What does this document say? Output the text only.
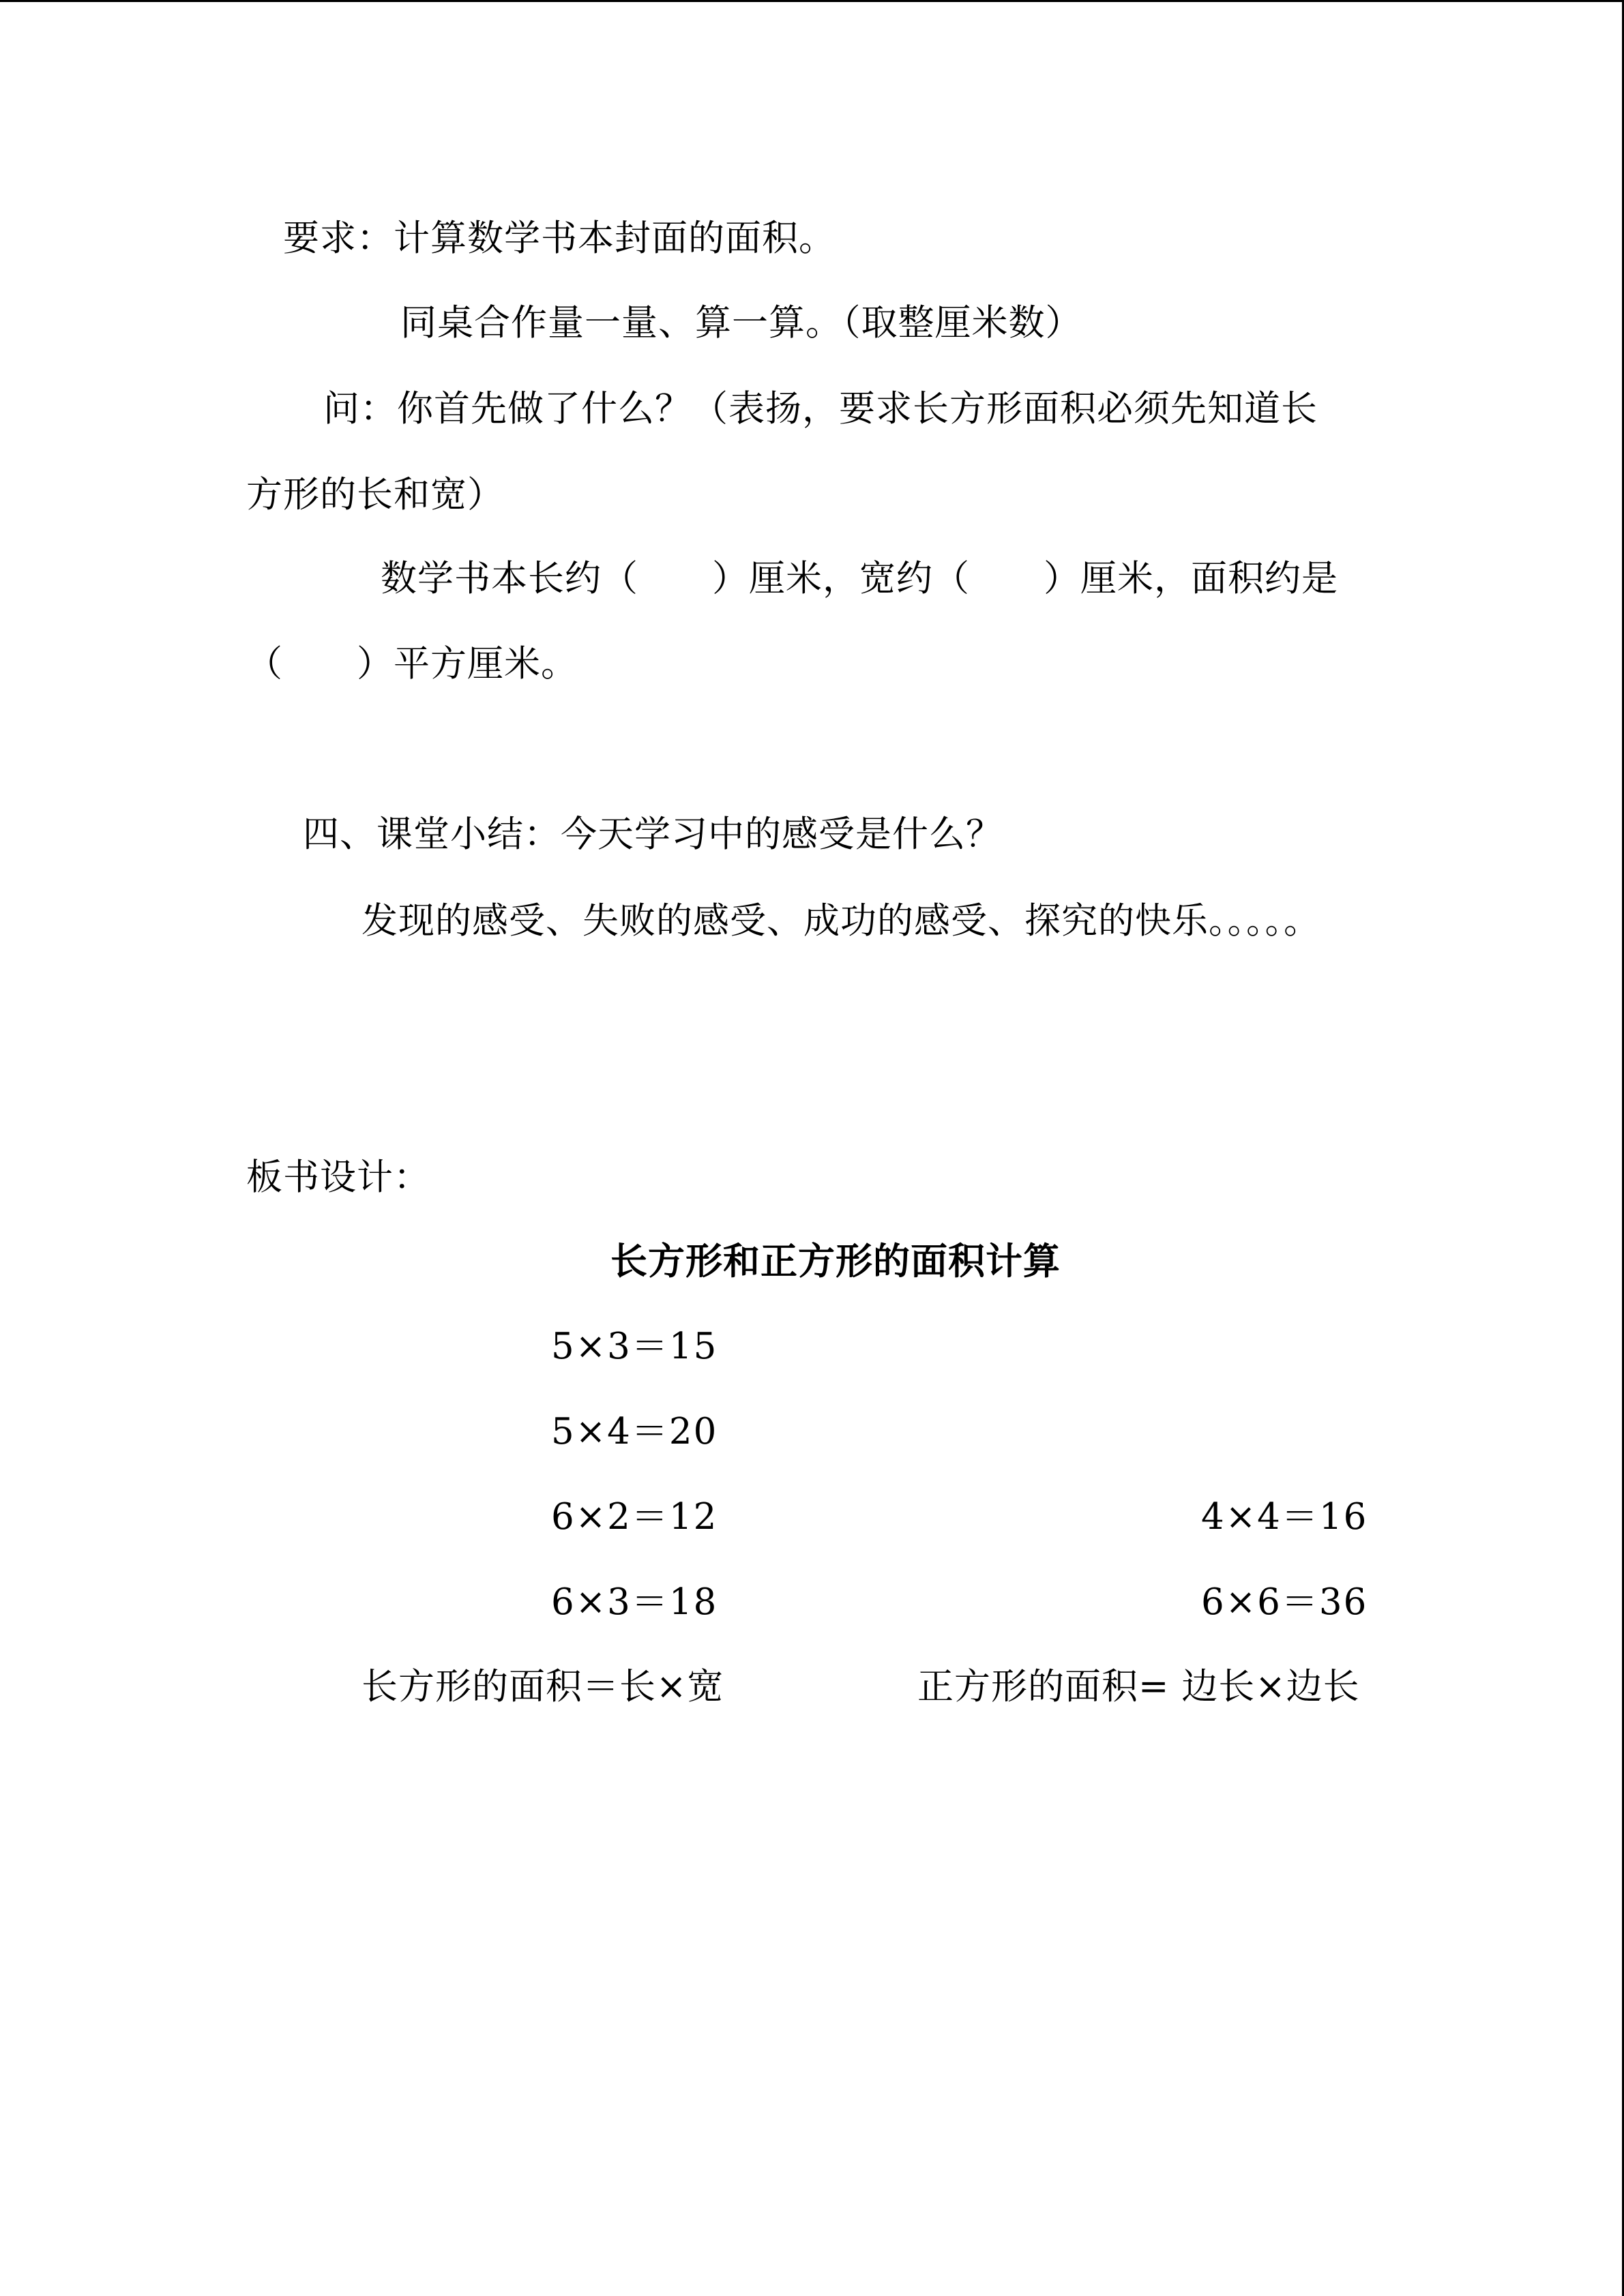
要求：计算数学书本封面的面积。
同桌合作量一量、算一算。（取整厘米数）
问：你首先做了什么？（表扬，要求长方形面积必须先知道长
方形的长和宽）
数学书本长约（　　）厘米，宽约（　　）厘米，面积约是
（　　）平方厘米。
四、课堂小结：今天学习中的感受是什么？
发现的感受、失败的感受、成功的感受、探究的快乐。。。。。
板书设计：
长方形和正方形的面积计算
5×3＝15
5×4＝20
6×2＝12
6×3＝18
4×4＝16
6×6＝36
长方形的面积＝长×宽	正方形的面积= 边长×边长
